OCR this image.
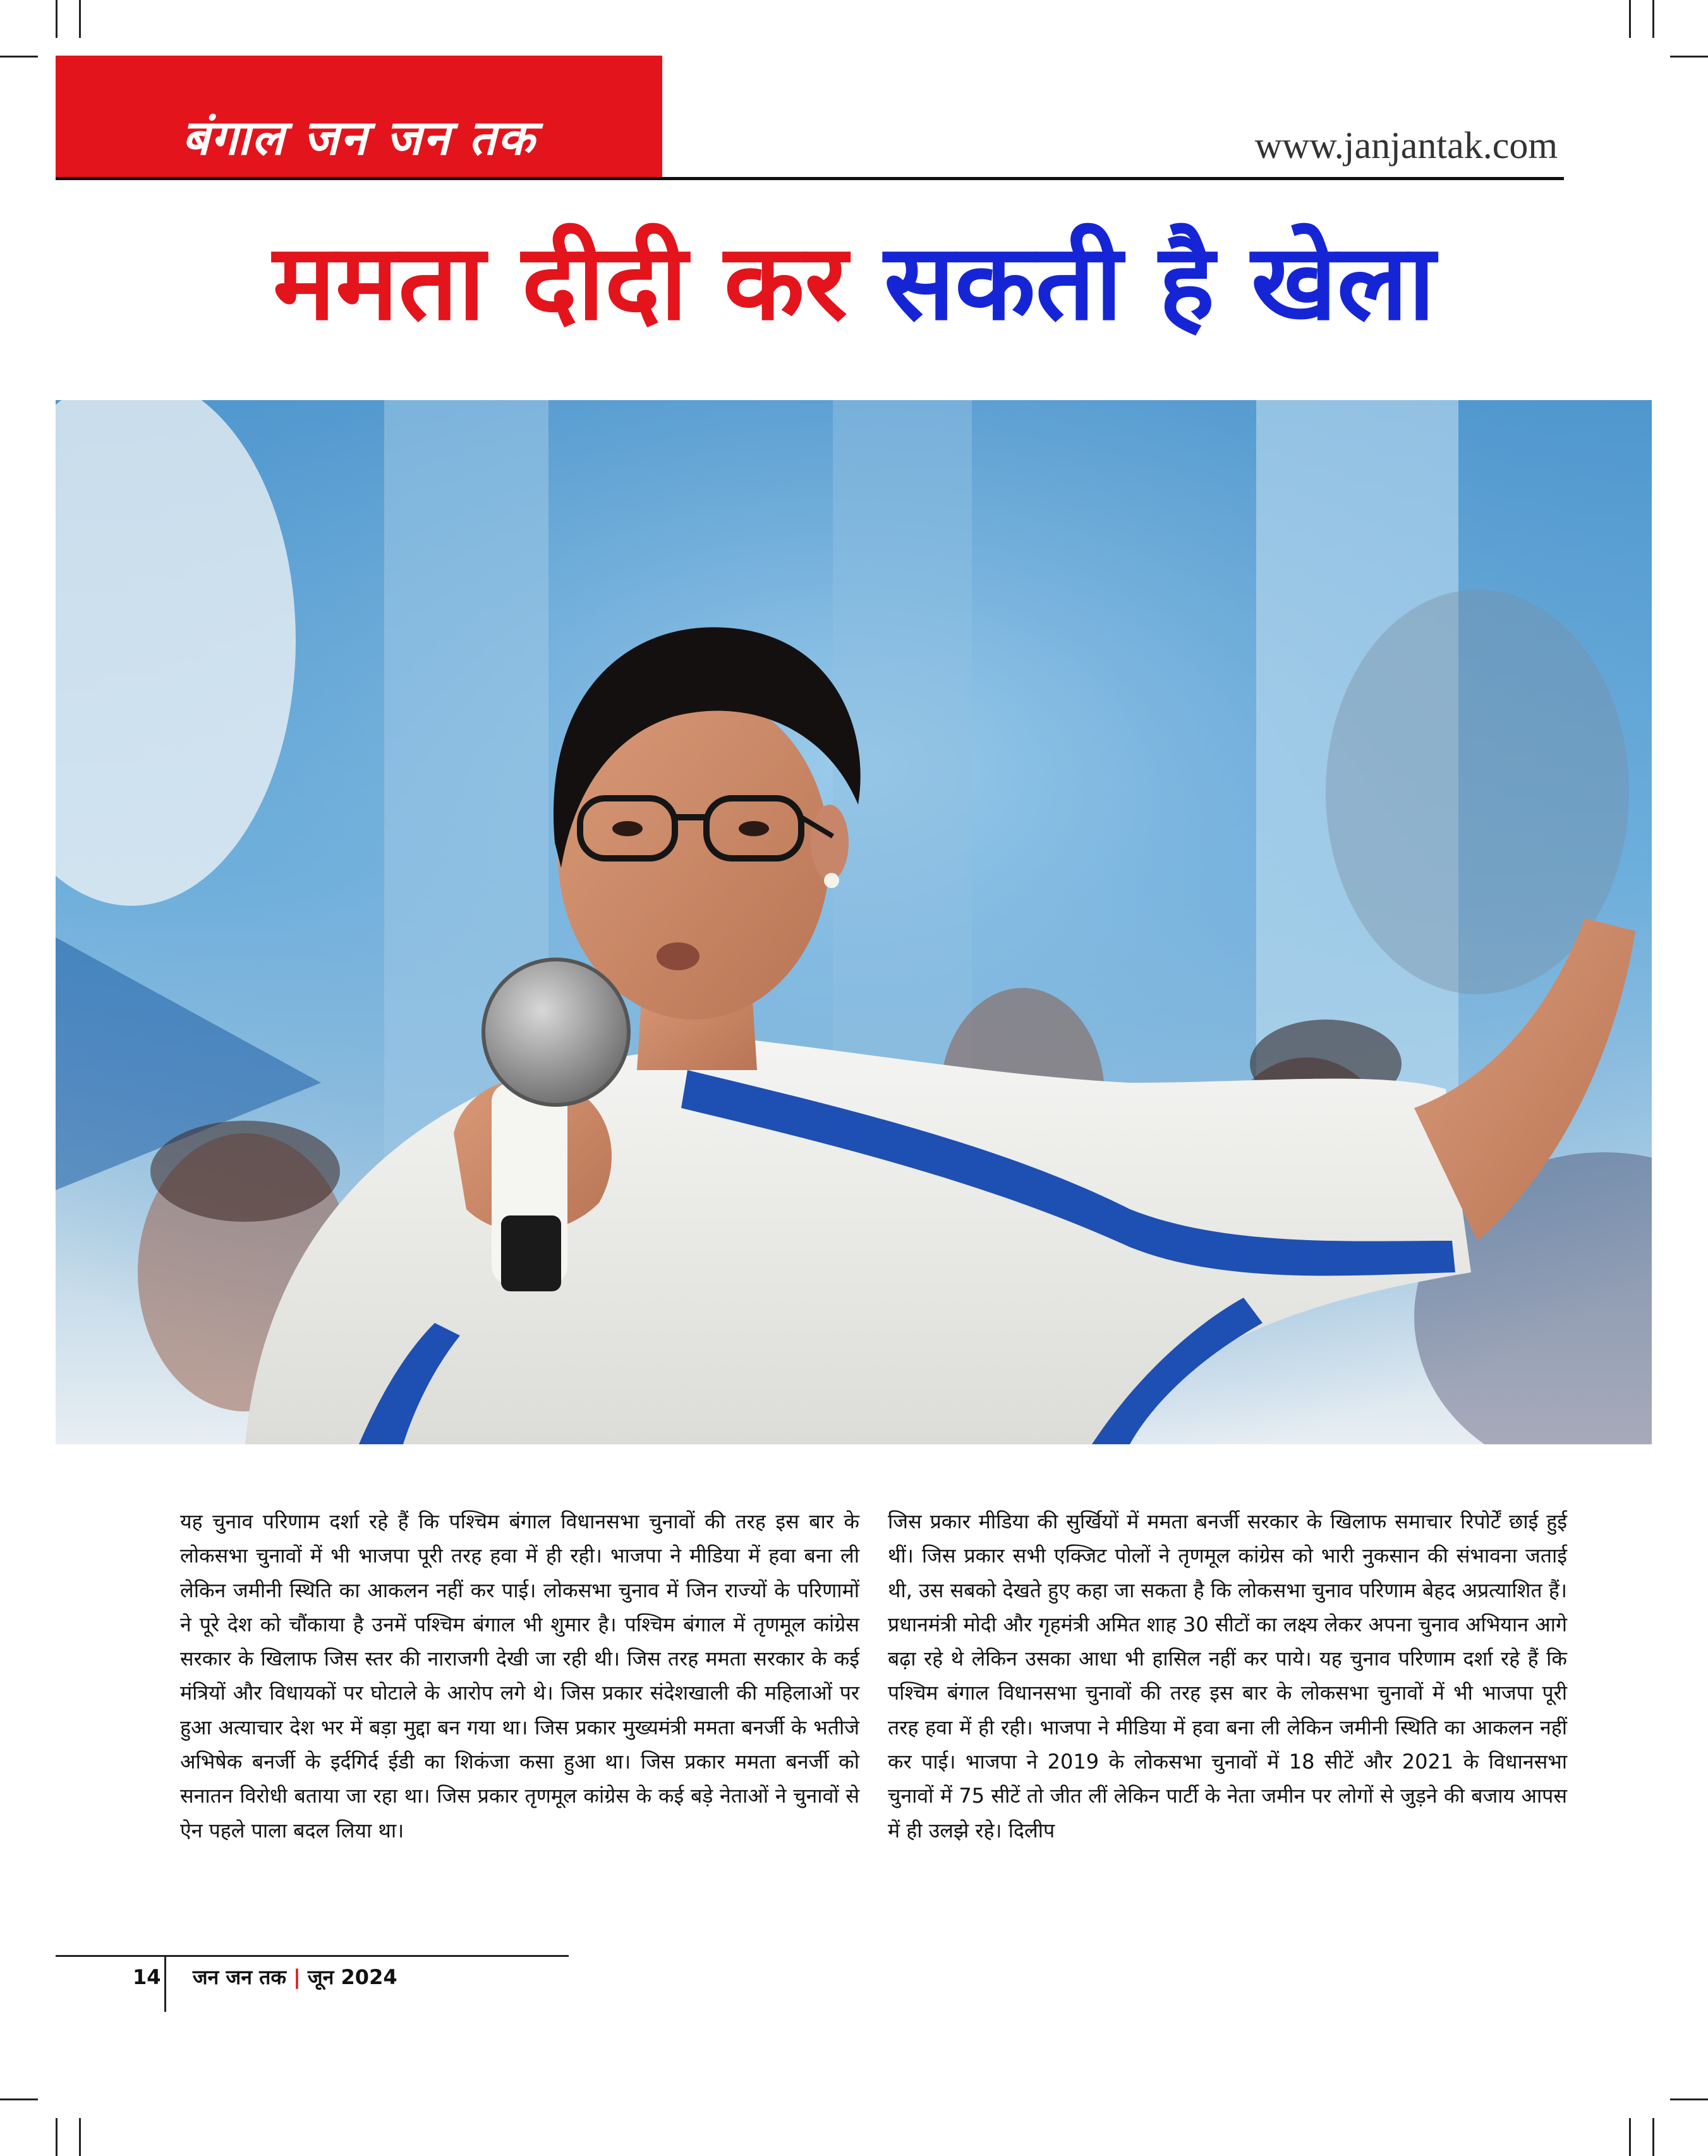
बंगाल जन जन तक	www.janjantak.com
ममता दीदी कर सकती है खेला
यह चुनाव परिणाम दर्शा रहे हैं कि पश्चिम बंगाल विधानसभा चुनावों की तरह इस बार के लोकसभा चुनावों में भी भाजपा पूरी तरह हवा में ही रही। भाजपा ने मीडिया में हवा बना ली लेकिन जमीनी स्थिति का आकलन नहीं कर पाई। लोकसभा चुनाव में जिन राज्यों के परिणामों ने पूरे देश को चौंकाया है उनमें पश्चिम बंगाल भी शुमार है। पश्चिम बंगाल में तृणमूल कांग्रेस सरकार के खिलाफ जिस स्तर की नाराजगी देखी जा रही थी। जिस तरह ममता सरकार के कई मंत्रियों और विधायकों पर घोटाले के आरोप लगे थे। जिस प्रकार संदेशखाली की महिलाओं पर हुआ अत्याचार देश भर में बड़ा मुद्दा बन गया था। जिस प्रकार मुख्यमंत्री ममता बनर्जी के भतीजे अभिषेक बनर्जी के इर्दगिर्द ईडी का शिकंजा कसा हुआ था। जिस प्रकार ममता बनर्जी को सनातन विरोधी बताया जा रहा था। जिस प्रकार तृणमूल कांग्रेस के कई बड़े नेताओं ने चुनावों से ऐन पहले पाला बदल लिया था।
जिस प्रकार मीडिया की सुर्खियों में ममता बनर्जी सरकार के खिलाफ समाचार रिपोर्टें छाई हुई थीं। जिस प्रकार सभी एक्जिट पोलों ने तृणमूल कांग्रेस को भारी नुकसान की संभावना जताई थी, उस सबको देखते हुए कहा जा सकता है कि लोकसभा चुनाव परिणाम बेहद अप्रत्याशित हैं। प्रधानमंत्री मोदी और गृहमंत्री अमित शाह 30 सीटों का लक्ष्य लेकर अपना चुनाव अभियान आगे बढ़ा रहे थे लेकिन उसका आधा भी हासिल नहीं कर पाये। यह चुनाव परिणाम दर्शा रहे हैं कि पश्चिम बंगाल विधानसभा चुनावों की तरह इस बार के लोकसभा चुनावों में भी भाजपा पूरी तरह हवा में ही रही। भाजपा ने मीडिया में हवा बना ली लेकिन जमीनी स्थिति का आकलन नहीं कर पाई। भाजपा ने 2019 के लोकसभा चुनावों में 18 सीटें और 2021 के विधानसभा चुनावों में 75 सीटें तो जीत लीं लेकिन पार्टी के नेता जमीन पर लोगों से जुड़ने की बजाय आपस में ही उलझे रहे। दिलीप
14 जन जन तक | जून 2024
